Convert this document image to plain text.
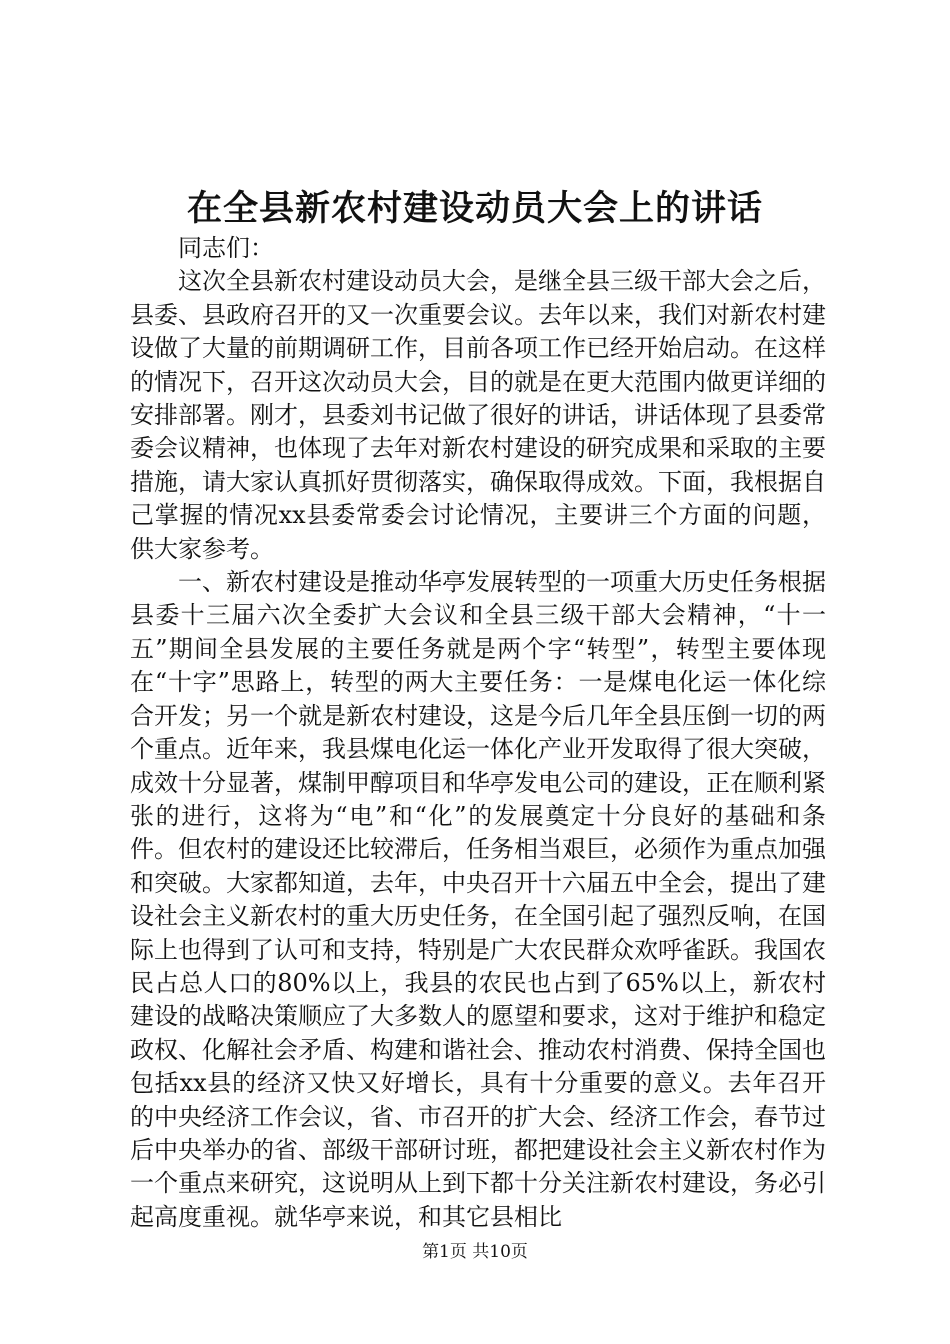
在全县新农村建设动员大会上的讲话

同志们：

这次全县新农村建设动员大会，是继全县三级干部大会之后，县委、县政府召开的又一次重要会议。去年以来，我们对新农村建设做了大量的前期调研工作，目前各项工作已经开始启动。在这样的情况下，召开这次动员大会，目的就是在更大范围内做更详细的安排部署。刚才，县委刘书记做了很好的讲话，讲话体现了县委常委会议精神，也体现了去年对新农村建设的研究成果和采取的主要措施，请大家认真抓好贯彻落实，确保取得成效。下面，我根据自己掌握的情况xx县委常委会讨论情况，主要讲三个方面的问题，供大家参考。

一、新农村建设是推动华亭发展转型的一项重大历史任务根据县委十三届六次全委扩大会议和全县三级干部大会精神，“十一五”期间全县发展的主要任务就是两个字“转型”，转型主要体现在“十字”思路上，转型的两大主要任务：一是煤电化运一体化综合开发；另一个就是新农村建设，这是今后几年全县压倒一切的两个重点。近年来，我县煤电化运一体化产业开发取得了很大突破，成效十分显著，煤制甲醇项目和华亭发电公司的建设，正在顺利紧张的进行，这将为“电”和“化”的发展奠定十分良好的基础和条件。但农村的建设还比较滞后，任务相当艰巨，必须作为重点加强和突破。大家都知道，去年，中央召开十六届五中全会，提出了建设社会主义新农村的重大历史任务，在全国引起了强烈反响，在国际上也得到了认可和支持，特别是广大农民群众欢呼雀跃。我国农民占总人口的80%以上，我县的农民也占到了65%以上，新农村建设的战略决策顺应了大多数人的愿望和要求，这对于维护和稳定政权、化解社会矛盾、构建和谐社会、推动农村消费、保持全国也包括xx县的经济又快又好增长，具有十分重要的意义。去年召开的中央经济工作会议，省、市召开的扩大会、经济工作会，春节过后中央举办的省、部级干部研讨班，都把建设社会主义新农村作为一个重点来研究，这说明从上到下都十分关注新农村建设，务必引起高度重视。就华亭来说，和其它县相比

第1页 共10页
